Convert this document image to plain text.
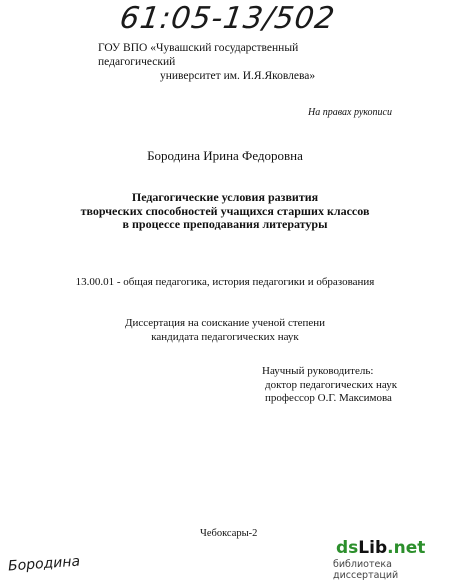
61:05-13/502
ГОУ ВПО «Чувашский государственный педагогический
университет им. И.Я.Яковлева»
На правах рукописи
Бородина Ирина Федоровна
Педагогические условия развития
творческих способностей учащихся старших классов
в процессе преподавания литературы
13.00.01 - общая педагогика, история педагогики и образования
Диссертация на соискание ученой степени
кандидата педагогических наук
Научный руководитель:
доктор педагогических наук
профессор О.Г. Максимова
Чебоксары-2
Бородина
dsLib.net
библиотека диссертаций
